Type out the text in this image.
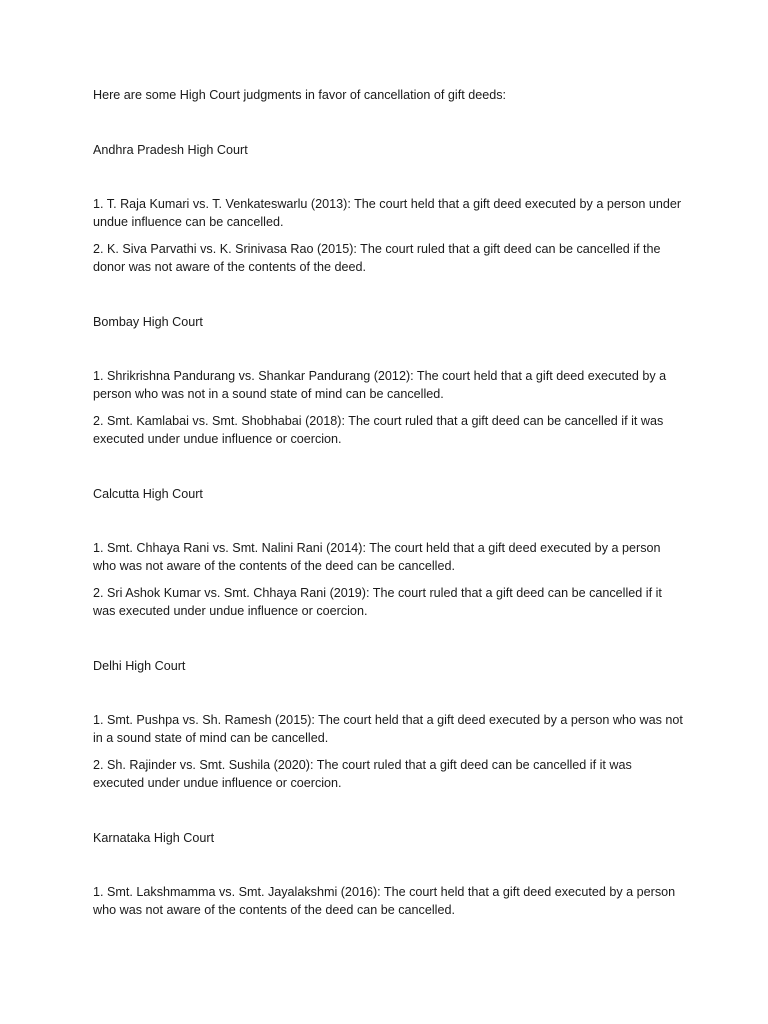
Here are some High Court judgments in favor of cancellation of gift deeds:

Andhra Pradesh High Court

1. T. Raja Kumari vs. T. Venkateswarlu (2013): The court held that a gift deed executed by a person under undue influence can be cancelled.
2. K. Siva Parvathi vs. K. Srinivasa Rao (2015): The court ruled that a gift deed can be cancelled if the donor was not aware of the contents of the deed.

Bombay High Court

1. Shrikrishna Pandurang vs. Shankar Pandurang (2012): The court held that a gift deed executed by a person who was not in a sound state of mind can be cancelled.
2. Smt. Kamlabai vs. Smt. Shobhabai (2018): The court ruled that a gift deed can be cancelled if it was executed under undue influence or coercion.

Calcutta High Court

1. Smt. Chhaya Rani vs. Smt. Nalini Rani (2014): The court held that a gift deed executed by a person who was not aware of the contents of the deed can be cancelled.
2. Sri Ashok Kumar vs. Smt. Chhaya Rani (2019): The court ruled that a gift deed can be cancelled if it was executed under undue influence or coercion.

Delhi High Court

1. Smt. Pushpa vs. Sh. Ramesh (2015): The court held that a gift deed executed by a person who was not in a sound state of mind can be cancelled.
2. Sh. Rajinder vs. Smt. Sushila (2020): The court ruled that a gift deed can be cancelled if it was executed under undue influence or coercion.

Karnataka High Court

1. Smt. Lakshmamma vs. Smt. Jayalakshmi (2016): The court held that a gift deed executed by a person who was not aware of the contents of the deed can be cancelled.
